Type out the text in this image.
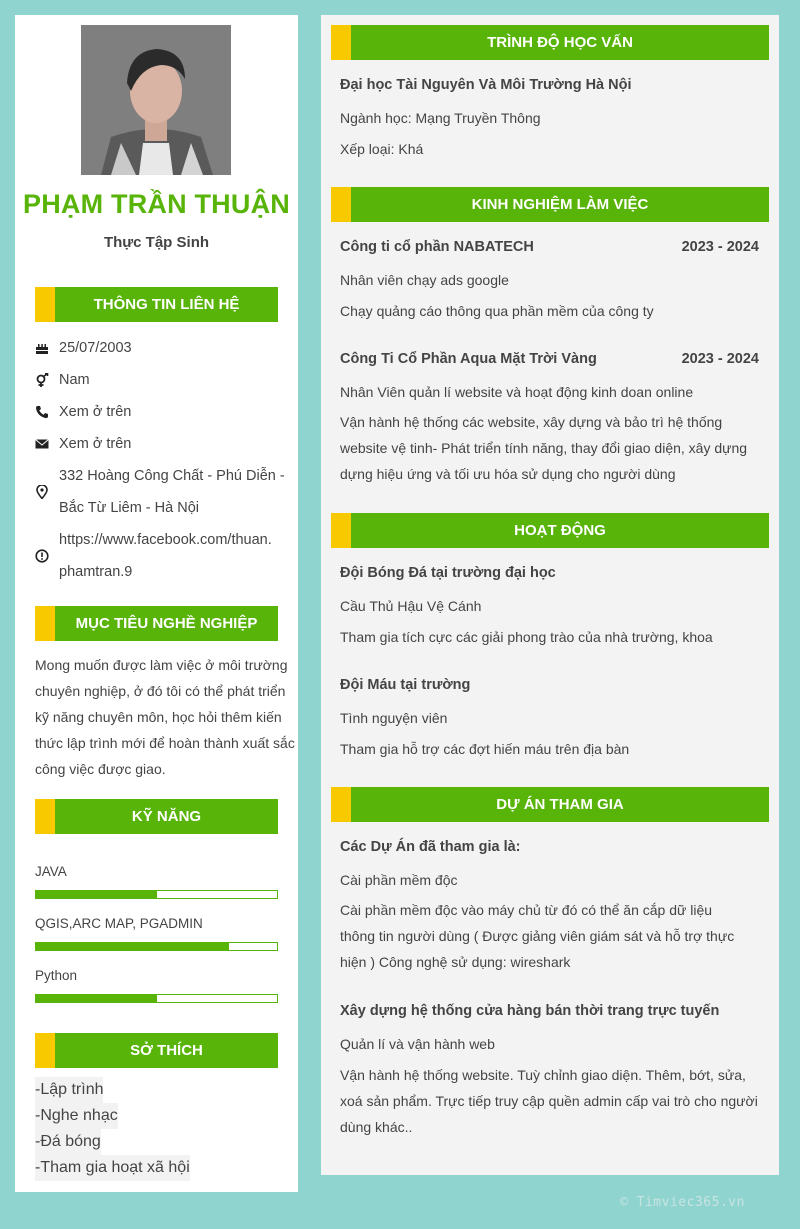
PHẠM TRẦN THUẬN
Thực Tập Sinh
THÔNG TIN LIÊN HỆ
25/07/2003
Nam
Xem ở trên
Xem ở trên
332 Hoàng Công Chất - Phú Diễn -
Bắc Từ Liêm - Hà Nội
https://www.facebook.com/thuan.
phamtran.9
MỤC TIÊU NGHỀ NGHIỆP
Mong muốn được làm việc ở môi trường chuyên nghiệp, ở đó tôi có thể phát triển kỹ năng chuyên môn, học hỏi thêm kiến thức lập trình mới để hoàn thành xuất sắc công việc được giao.
KỸ NĂNG
JAVA
QGIS,ARC MAP, PGADMIN
Python
SỞ THÍCH
-Lập trình
-Nghe nhạc
-Đá bóng
-Tham gia hoạt xã hội
TRÌNH ĐỘ HỌC VẤN
Đại học Tài Nguyên Và Môi Trường Hà Nội
Ngành học: Mạng Truyền Thông
Xếp loại: Khá
KINH NGHIỆM LÀM VIỆC
Công ti cổ phần NABATECH	2023 - 2024
Nhân viên chạy ads google
Chạy quảng cáo thông qua phần mềm của công ty
Công Ti Cổ Phần Aqua Mặt Trời Vàng	2023 - 2024
Nhân Viên quản lí website và hoạt động kinh doan online
Vận hành hệ thống các website, xây dựng và bảo trì hệ thống website vệ tinh- Phát triển tính năng, thay đổi giao diện, xây dựng dựng hiệu ứng và tối ưu hóa sử dụng cho người dùng
HOẠT ĐỘNG
Đội Bóng Đá tại trường đại học
Cầu Thủ Hậu Vệ Cánh
Tham gia tích cực các giải phong trào của nhà trường, khoa
Đội Máu tại trường
Tình nguyện viên
Tham gia hỗ trợ các đợt hiến máu trên địa bàn
DỰ ÁN THAM GIA
Các Dự Án đã tham gia là:
Cài phần mềm độc
Cài phần mềm độc vào máy chủ từ đó có thể ăn cắp dữ liệu thông tin người dùng ( Được giảng viên giám sát và hỗ trợ thực hiện ) Công nghệ sử dụng: wireshark
Xây dựng hệ thống cửa hàng bán thời trang trực tuyến
Quản lí và vận hành web
Vận hành hệ thống website. Tuỳ chỉnh giao diện. Thêm, bớt, sửa, xoá sản phẩm. Trực tiếp truy cập quền admin cấp vai trò cho người dùng khác..
© Timviec365.vn
